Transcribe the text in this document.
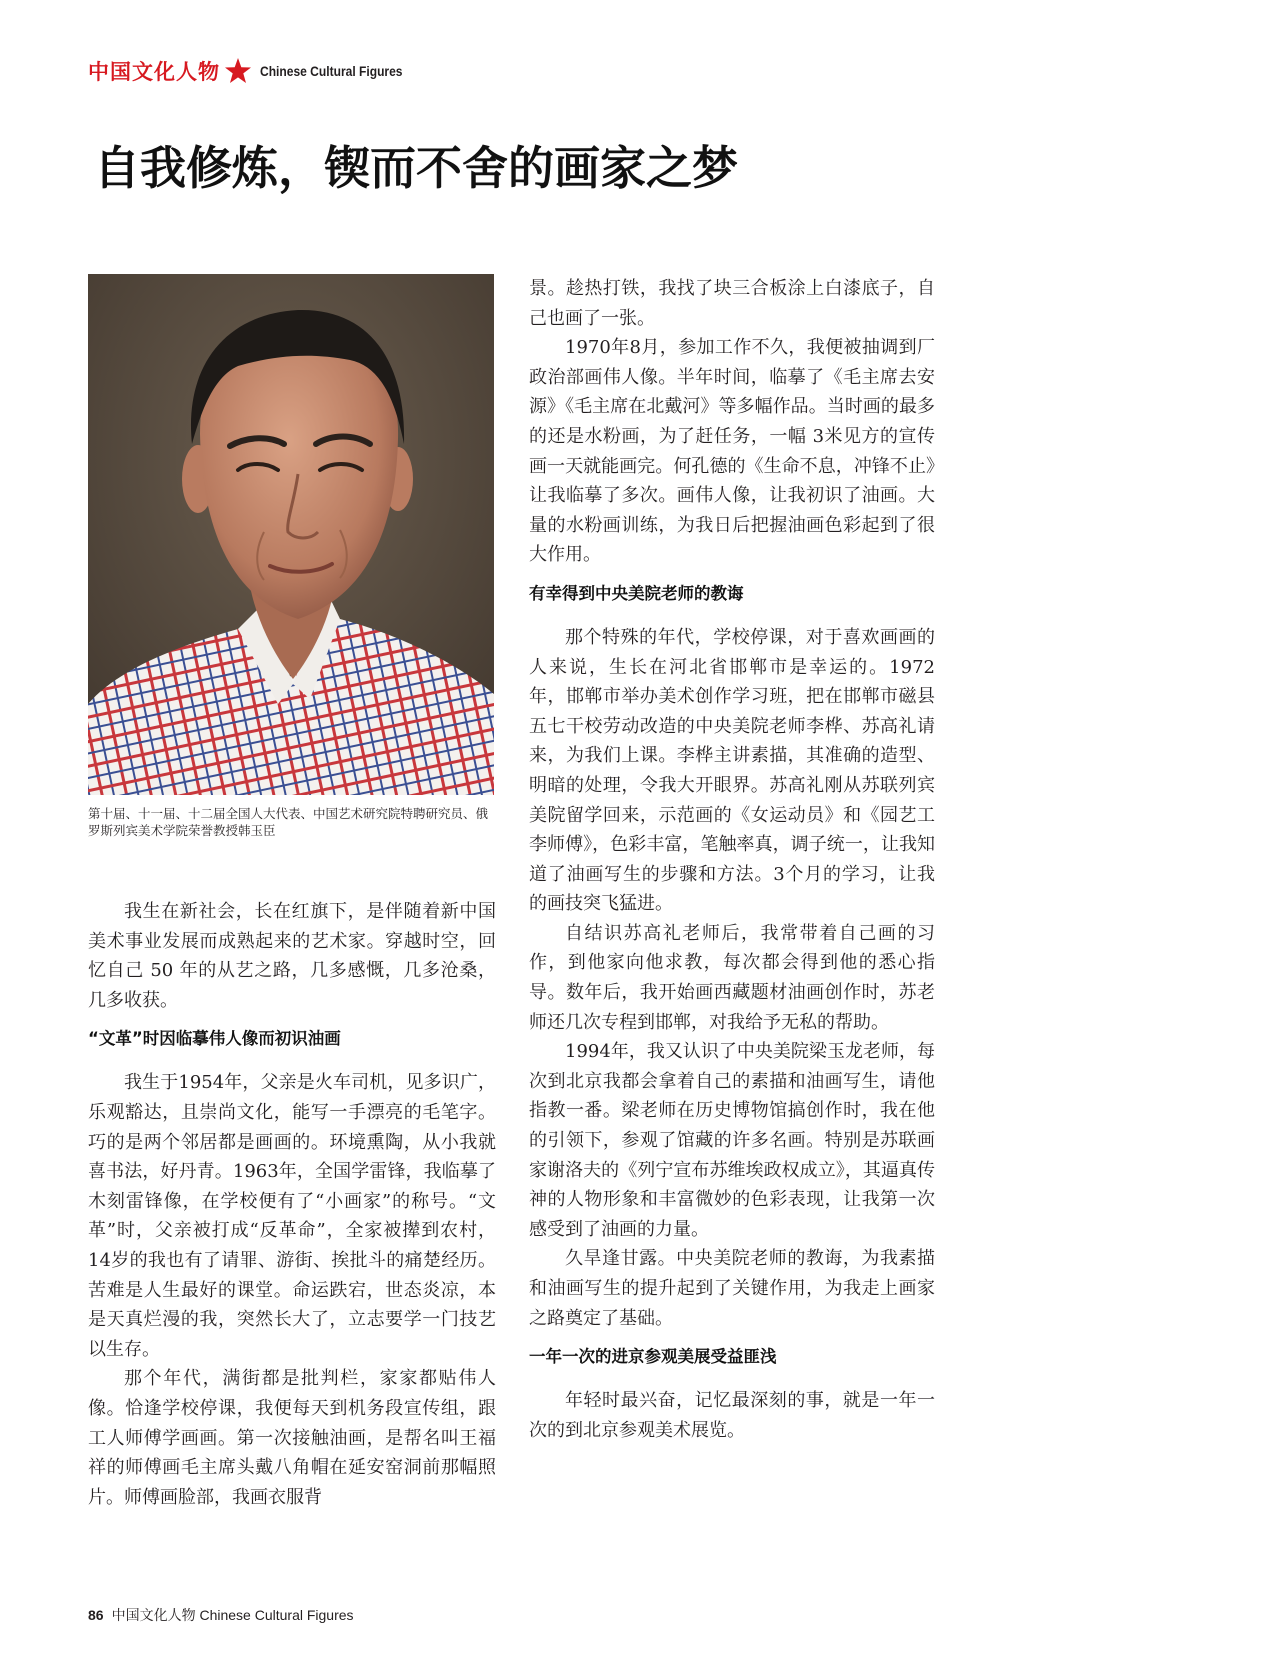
中国文化人物	Chinese Cultural Figures
自我修炼，锲而不舍的画家之梦
第十届、十一届、十二届全国人大代表、中国艺术研究院特聘研究员、俄罗斯列宾美术学院荣誉教授韩玉臣

我生在新社会，长在红旗下，是伴随着新中国美术事业发展而成熟起来的艺术家。穿越时空，回忆自己 50 年的从艺之路，几多感慨，几多沧桑，几多收获。

“文革”时因临摹伟人像而初识油画

我生于1954年，父亲是火车司机，见多识广，乐观豁达，且崇尚文化，能写一手漂亮的毛笔字。巧的是两个邻居都是画画的。环境熏陶，从小我就喜书法，好丹青。1963年，全国学雷锋，我临摹了木刻雷锋像，在学校便有了“小画家”的称号。“文革”时，父亲被打成“反革命”，全家被撵到农村，14岁的我也有了请罪、游街、挨批斗的痛楚经历。苦难是人生最好的课堂。命运跌宕，世态炎凉，本是天真烂漫的我，突然长大了，立志要学一门技艺以生存。

那个年代，满街都是批判栏，家家都贴伟人像。恰逢学校停课，我便每天到机务段宣传组，跟工人师傅学画画。第一次接触油画，是帮名叫王福祥的师傅画毛主席头戴八角帽在延安窑洞前那幅照片。师傅画脸部，我画衣服背

景。趁热打铁，我找了块三合板涂上白漆底子，自己也画了一张。

1970年8月，参加工作不久，我便被抽调到厂政治部画伟人像。半年时间，临摹了《毛主席去安源》《毛主席在北戴河》等多幅作品。当时画的最多的还是水粉画，为了赶任务，一幅 3米见方的宣传画一天就能画完。何孔德的《生命不息，冲锋不止》让我临摹了多次。画伟人像，让我初识了油画。大量的水粉画训练，为我日后把握油画色彩起到了很大作用。

有幸得到中央美院老师的教诲

那个特殊的年代，学校停课，对于喜欢画画的人来说，生长在河北省邯郸市是幸运的。1972 年，邯郸市举办美术创作学习班，把在邯郸市磁县五七干校劳动改造的中央美院老师李桦、苏高礼请来，为我们上课。李桦主讲素描，其准确的造型、明暗的处理，令我大开眼界。苏高礼刚从苏联列宾美院留学回来，示范画的《女运动员》和《园艺工李师傅》，色彩丰富，笔触率真，调子统一，让我知道了油画写生的步骤和方法。3个月的学习，让我的画技突飞猛进。

自结识苏高礼老师后，我常带着自己画的习作，到他家向他求教，每次都会得到他的悉心指导。数年后，我开始画西藏题材油画创作时，苏老师还几次专程到邯郸，对我给予无私的帮助。

1994年，我又认识了中央美院梁玉龙老师，每次到北京我都会拿着自己的素描和油画写生，请他指教一番。梁老师在历史博物馆搞创作时，我在他的引领下，参观了馆藏的许多名画。特别是苏联画家谢洛夫的《列宁宣布苏维埃政权成立》，其逼真传神的人物形象和丰富微妙的色彩表现，让我第一次感受到了油画的力量。

久旱逢甘露。中央美院老师的教诲，为我素描和油画写生的提升起到了关键作用，为我走上画家之路奠定了基础。

一年一次的进京参观美展受益匪浅

年轻时最兴奋，记忆最深刻的事，就是一年一次的到北京参观美术展览。

86 中国文化人物 Chinese Cultural Figures
